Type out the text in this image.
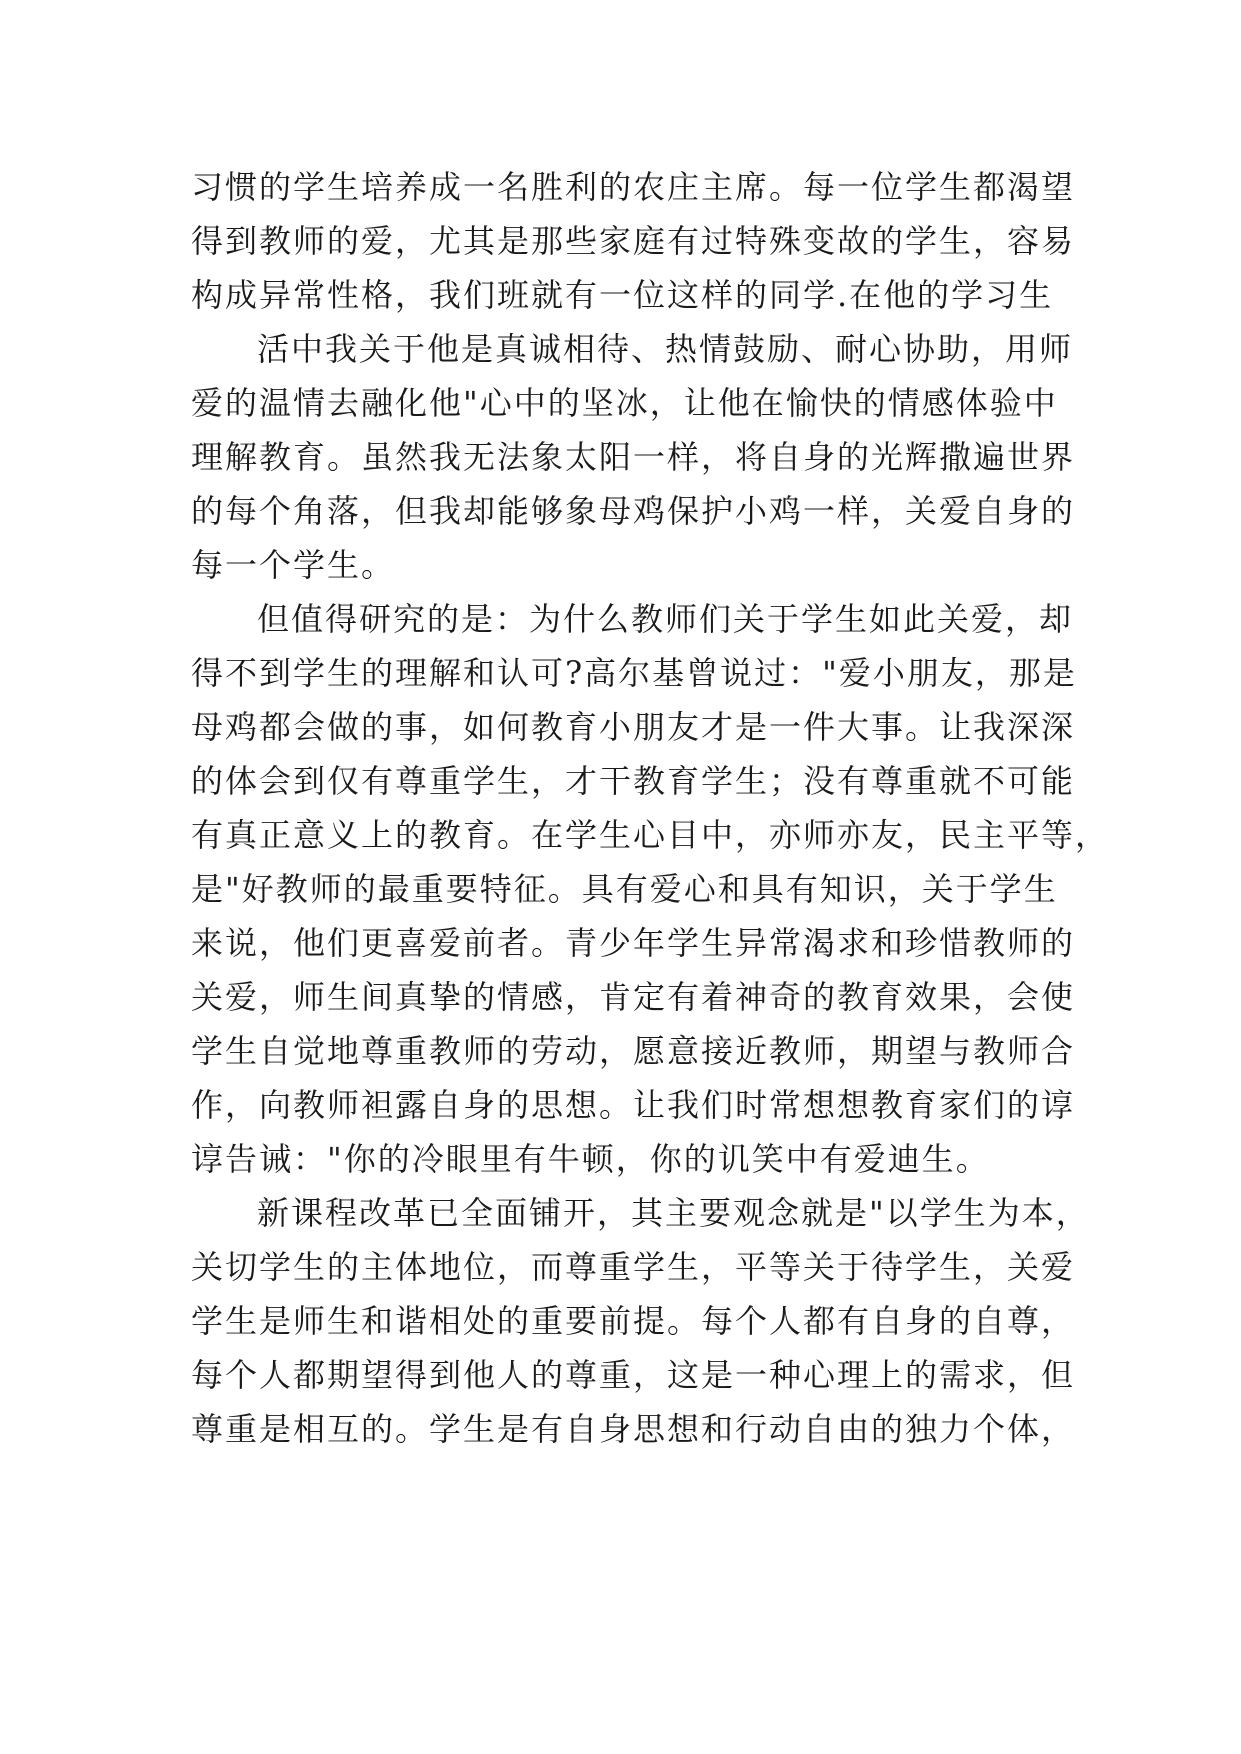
习惯的学生培养成一名胜利的农庄主席。每一位学生都渴望
得到教师的爱，尤其是那些家庭有过特殊变故的学生，容易
构成异常性格，我们班就有一位这样的同学.在他的学习生
活中我关于他是真诚相待、热情鼓励、耐心协助，用师
爱的温情去融化他"心中的坚冰，让他在愉快的情感体验中
理解教育。虽然我无法象太阳一样，将自身的光辉撒遍世界
的每个角落，但我却能够象母鸡保护小鸡一样，关爱自身的
每一个学生。
但值得研究的是：为什么教师们关于学生如此关爱，却
得不到学生的理解和认可?高尔基曾说过："爱小朋友，那是
母鸡都会做的事，如何教育小朋友才是一件大事。让我深深
的体会到仅有尊重学生，才干教育学生；没有尊重就不可能
有真正意义上的教育。在学生心目中，亦师亦友，民主平等，
是"好教师的最重要特征。具有爱心和具有知识，关于学生
来说，他们更喜爱前者。青少年学生异常渴求和珍惜教师的
关爱，师生间真挚的情感，肯定有着神奇的教育效果，会使
学生自觉地尊重教师的劳动，愿意接近教师，期望与教师合
作，向教师袒露自身的思想。让我们时常想想教育家们的谆
谆告诫："你的冷眼里有牛顿，你的讥笑中有爱迪生。
新课程改革已全面铺开，其主要观念就是"以学生为本，
关切学生的主体地位，而尊重学生，平等关于待学生，关爱
学生是师生和谐相处的重要前提。每个人都有自身的自尊，
每个人都期望得到他人的尊重，这是一种心理上的需求，但
尊重是相互的。学生是有自身思想和行动自由的独力个体，
